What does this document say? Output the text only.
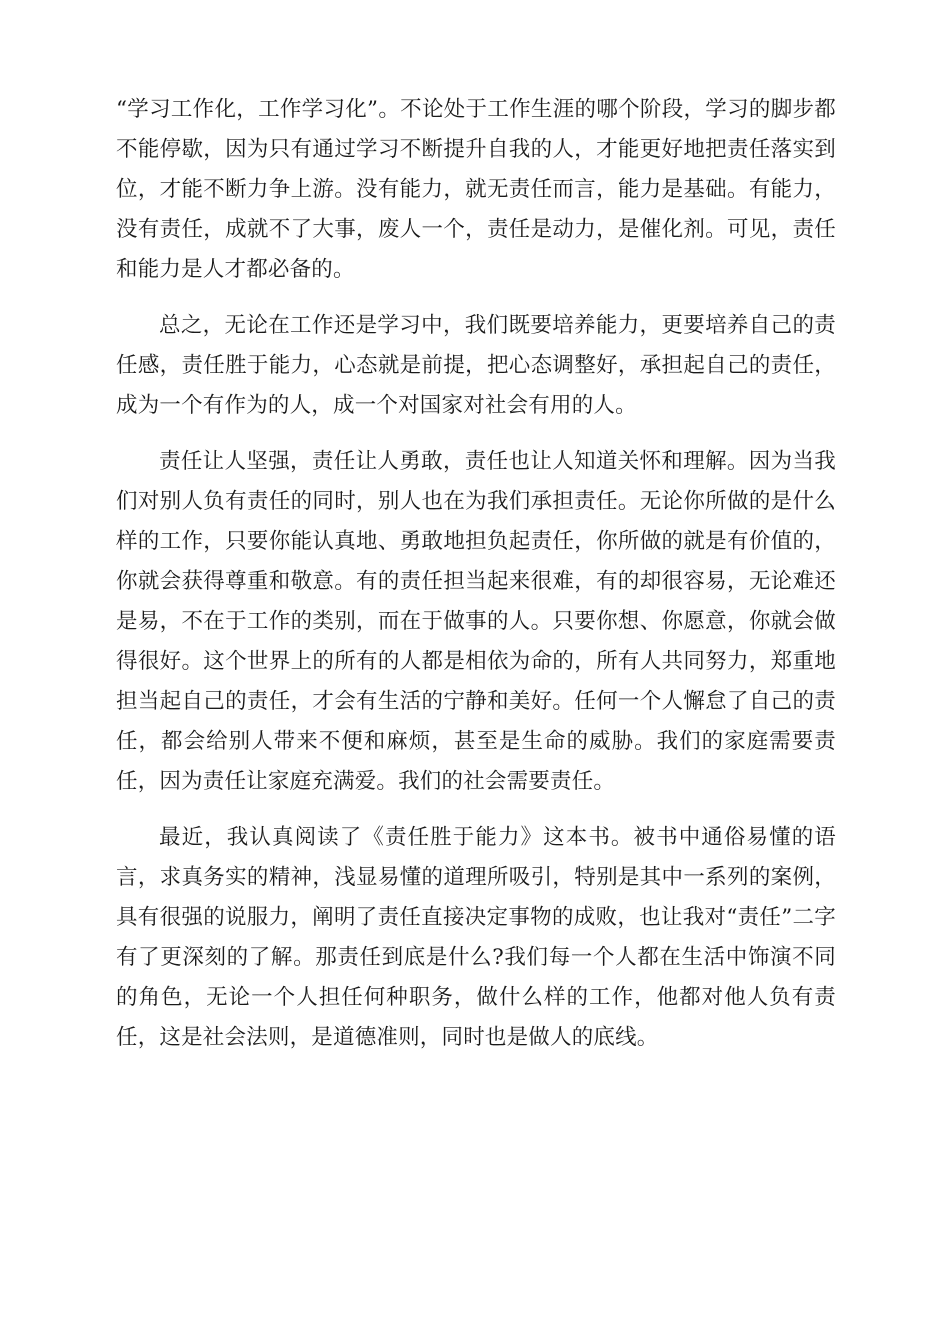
“学习工作化，工作学习化”。不论处于工作生涯的哪个阶段，学习的脚步都不能停歇，因为只有通过学习不断提升自我的人，才能更好地把责任落实到位，才能不断力争上游。没有能力，就无责任而言，能力是基础。有能力，没有责任，成就不了大事，废人一个，责任是动力，是催化剂。可见，责任和能力是人才都必备的。

总之，无论在工作还是学习中，我们既要培养能力，更要培养自己的责任感，责任胜于能力，心态就是前提，把心态调整好，承担起自己的责任，成为一个有作为的人，成一个对国家对社会有用的人。

责任让人坚强，责任让人勇敢，责任也让人知道关怀和理解。因为当我们对别人负有责任的同时，别人也在为我们承担责任。无论你所做的是什么样的工作，只要你能认真地、勇敢地担负起责任，你所做的就是有价值的，你就会获得尊重和敬意。有的责任担当起来很难，有的却很容易，无论难还是易，不在于工作的类别，而在于做事的人。只要你想、你愿意，你就会做得很好。这个世界上的所有的人都是相依为命的，所有人共同努力，郑重地担当起自己的责任，才会有生活的宁静和美好。任何一个人懈怠了自己的责任，都会给别人带来不便和麻烦，甚至是生命的威胁。我们的家庭需要责任，因为责任让家庭充满爱。我们的社会需要责任。

最近，我认真阅读了《责任胜于能力》这本书。被书中通俗易懂的语言，求真务实的精神，浅显易懂的道理所吸引，特别是其中一系列的案例，具有很强的说服力，阐明了责任直接决定事物的成败，也让我对“责任”二字有了更深刻的了解。那责任到底是什么?我们每一个人都在生活中饰演不同的角色，无论一个人担任何种职务，做什么样的工作，他都对他人负有责任，这是社会法则，是道德准则，同时也是做人的底线。
